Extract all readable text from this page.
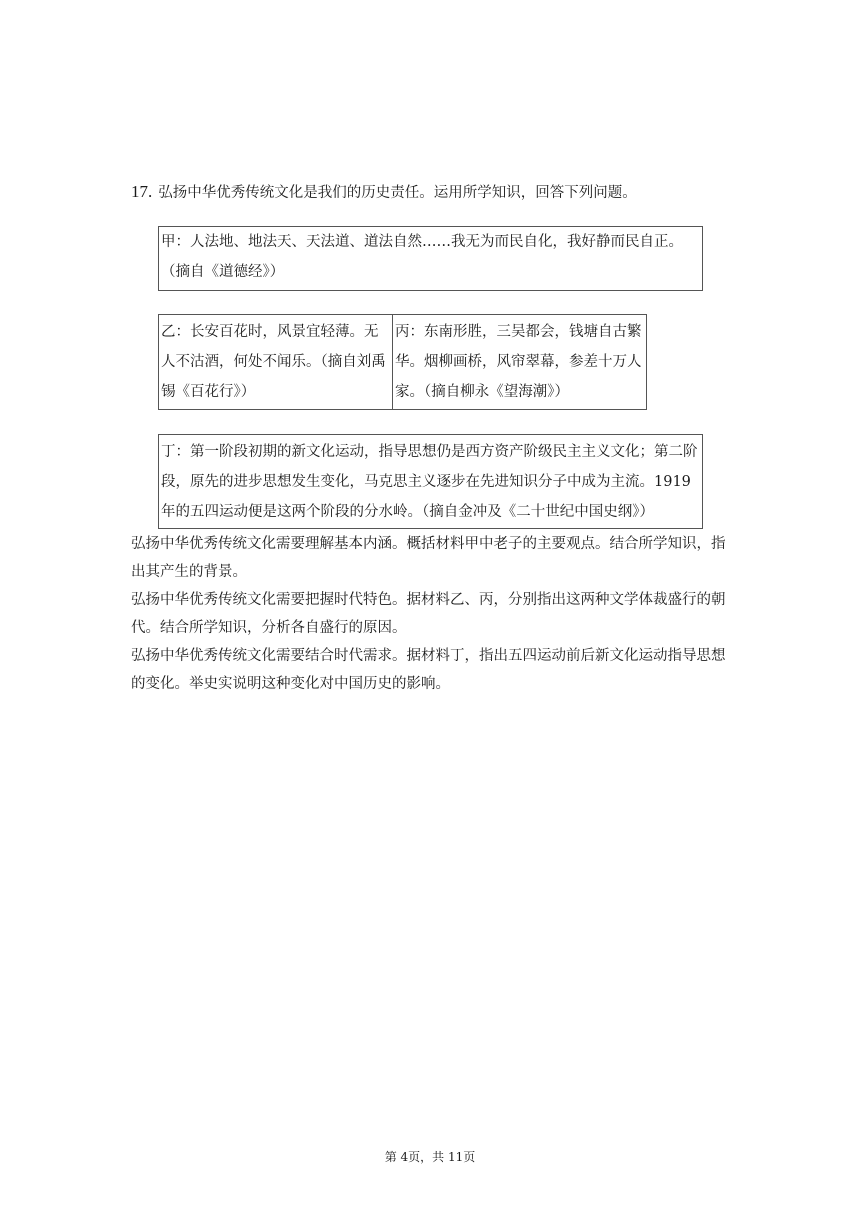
17. 弘扬中华优秀传统文化是我们的历史责任。运用所学知识，回答下列问题。
甲：人法地、地法天、天法道、道法自然……我无为而民自化，我好静而民自正。（摘自《道德经》）
乙：长安百花时，风景宜轻薄。无人不沽酒，何处不闻乐。（摘自刘禹锡《百花行》）
丙：东南形胜，三吴都会，钱塘自古繁华。烟柳画桥，风帘翠幕，参差十万人家。（摘自柳永《望海潮》）
丁：第一阶段初期的新文化运动，指导思想仍是西方资产阶级民主主义文化；第二阶段，原先的进步思想发生变化，马克思主义逐步在先进知识分子中成为主流。1919年的五四运动便是这两个阶段的分水岭。（摘自金冲及《二十世纪中国史纲》）
弘扬中华优秀传统文化需要理解基本内涵。概括材料甲中老子的主要观点。结合所学知识，指出其产生的背景。
弘扬中华优秀传统文化需要把握时代特色。据材料乙、丙，分别指出这两种文学体裁盛行的朝代。结合所学知识，分析各自盛行的原因。
弘扬中华优秀传统文化需要结合时代需求。据材料丁，指出五四运动前后新文化运动指导思想的变化。举史实说明这种变化对中国历史的影响。
第 4页，共 11页
